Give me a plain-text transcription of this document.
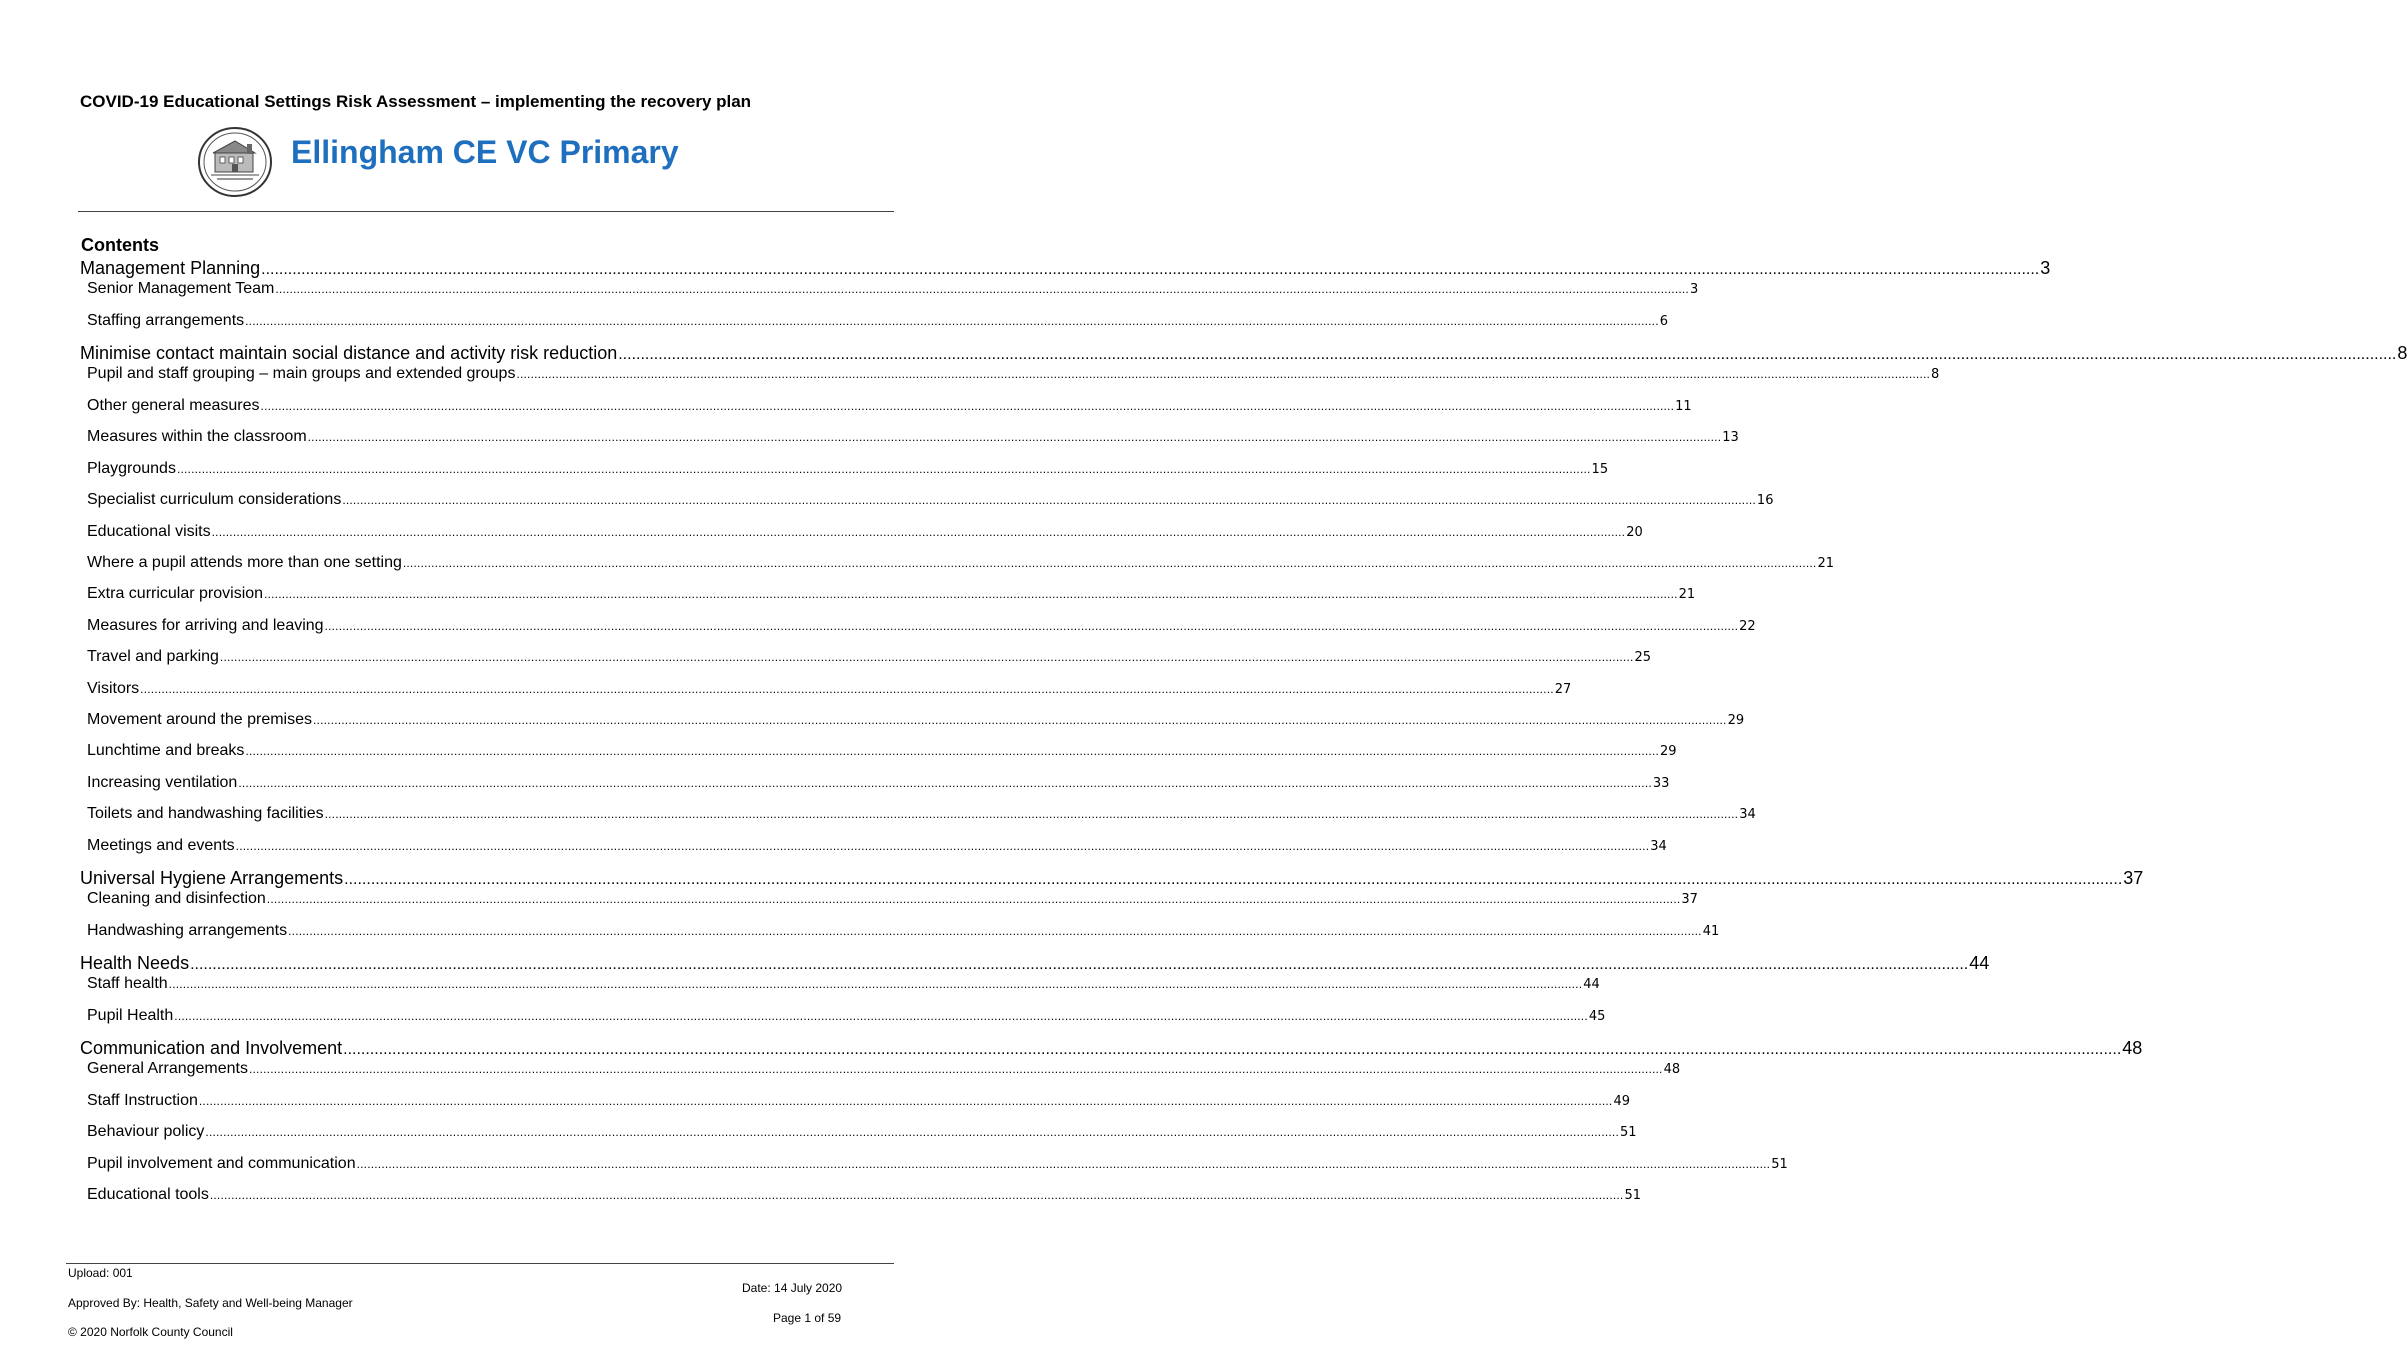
COVID-19 Educational Settings Risk Assessment – implementing the recovery plan
Ellingham CE VC Primary
Contents
Management Planning ................................................................................................................................................................................................................................................................................................................................................................................................................ 3
Senior Management Team ................................................................................................................................................................................................................................................................................................................................................................................................................ 3
Staffing arrangements ................................................................................................................................................................................................................................................................................................................................................................................................................ 6
Minimise contact maintain social distance and activity risk reduction ................................................................................................................................................................................................................................................................................................................................................................................................................ 8
Pupil and staff grouping – main groups and extended groups ................................................................................................................................................................................................................................................................................................................................................................................................................ 8
Other general measures ................................................................................................................................................................................................................................................................................................................................................................................................................ 11
Measures within the classroom ................................................................................................................................................................................................................................................................................................................................................................................................................ 13
Playgrounds ................................................................................................................................................................................................................................................................................................................................................................................................................ 15
Specialist curriculum considerations ................................................................................................................................................................................................................................................................................................................................................................................................................ 16
Educational visits ................................................................................................................................................................................................................................................................................................................................................................................................................ 20
Where a pupil attends more than one setting ................................................................................................................................................................................................................................................................................................................................................................................................................ 21
Extra curricular provision ................................................................................................................................................................................................................................................................................................................................................................................................................ 21
Measures for arriving and leaving ................................................................................................................................................................................................................................................................................................................................................................................................................ 22
Travel and parking ................................................................................................................................................................................................................................................................................................................................................................................................................ 25
Visitors ................................................................................................................................................................................................................................................................................................................................................................................................................ 27
Movement around the premises ................................................................................................................................................................................................................................................................................................................................................................................................................ 29
Lunchtime and breaks ................................................................................................................................................................................................................................................................................................................................................................................................................ 29
Increasing ventilation ................................................................................................................................................................................................................................................................................................................................................................................................................ 33
Toilets and handwashing facilities ................................................................................................................................................................................................................................................................................................................................................................................................................ 34
Meetings and events ................................................................................................................................................................................................................................................................................................................................................................................................................ 34
Universal Hygiene Arrangements ................................................................................................................................................................................................................................................................................................................................................................................................................ 37
Cleaning and disinfection ................................................................................................................................................................................................................................................................................................................................................................................................................ 37
Handwashing arrangements ................................................................................................................................................................................................................................................................................................................................................................................................................ 41
Health Needs ................................................................................................................................................................................................................................................................................................................................................................................................................ 44
Staff health ................................................................................................................................................................................................................................................................................................................................................................................................................ 44
Pupil Health ................................................................................................................................................................................................................................................................................................................................................................................................................ 45
Communication and Involvement ................................................................................................................................................................................................................................................................................................................................................................................................................ 48
General Arrangements ................................................................................................................................................................................................................................................................................................................................................................................................................ 48
Staff Instruction ................................................................................................................................................................................................................................................................................................................................................................................................................ 49
Behaviour policy ................................................................................................................................................................................................................................................................................................................................................................................................................ 51
Pupil involvement and communication ................................................................................................................................................................................................................................................................................................................................................................................................................ 51
Educational tools ................................................................................................................................................................................................................................................................................................................................................................................................................ 51
Upload: 001
Approved By: Health, Safety and Well-being Manager
© 2020 Norfolk County Council
Date: 14 July 2020
Page 1 of 59
